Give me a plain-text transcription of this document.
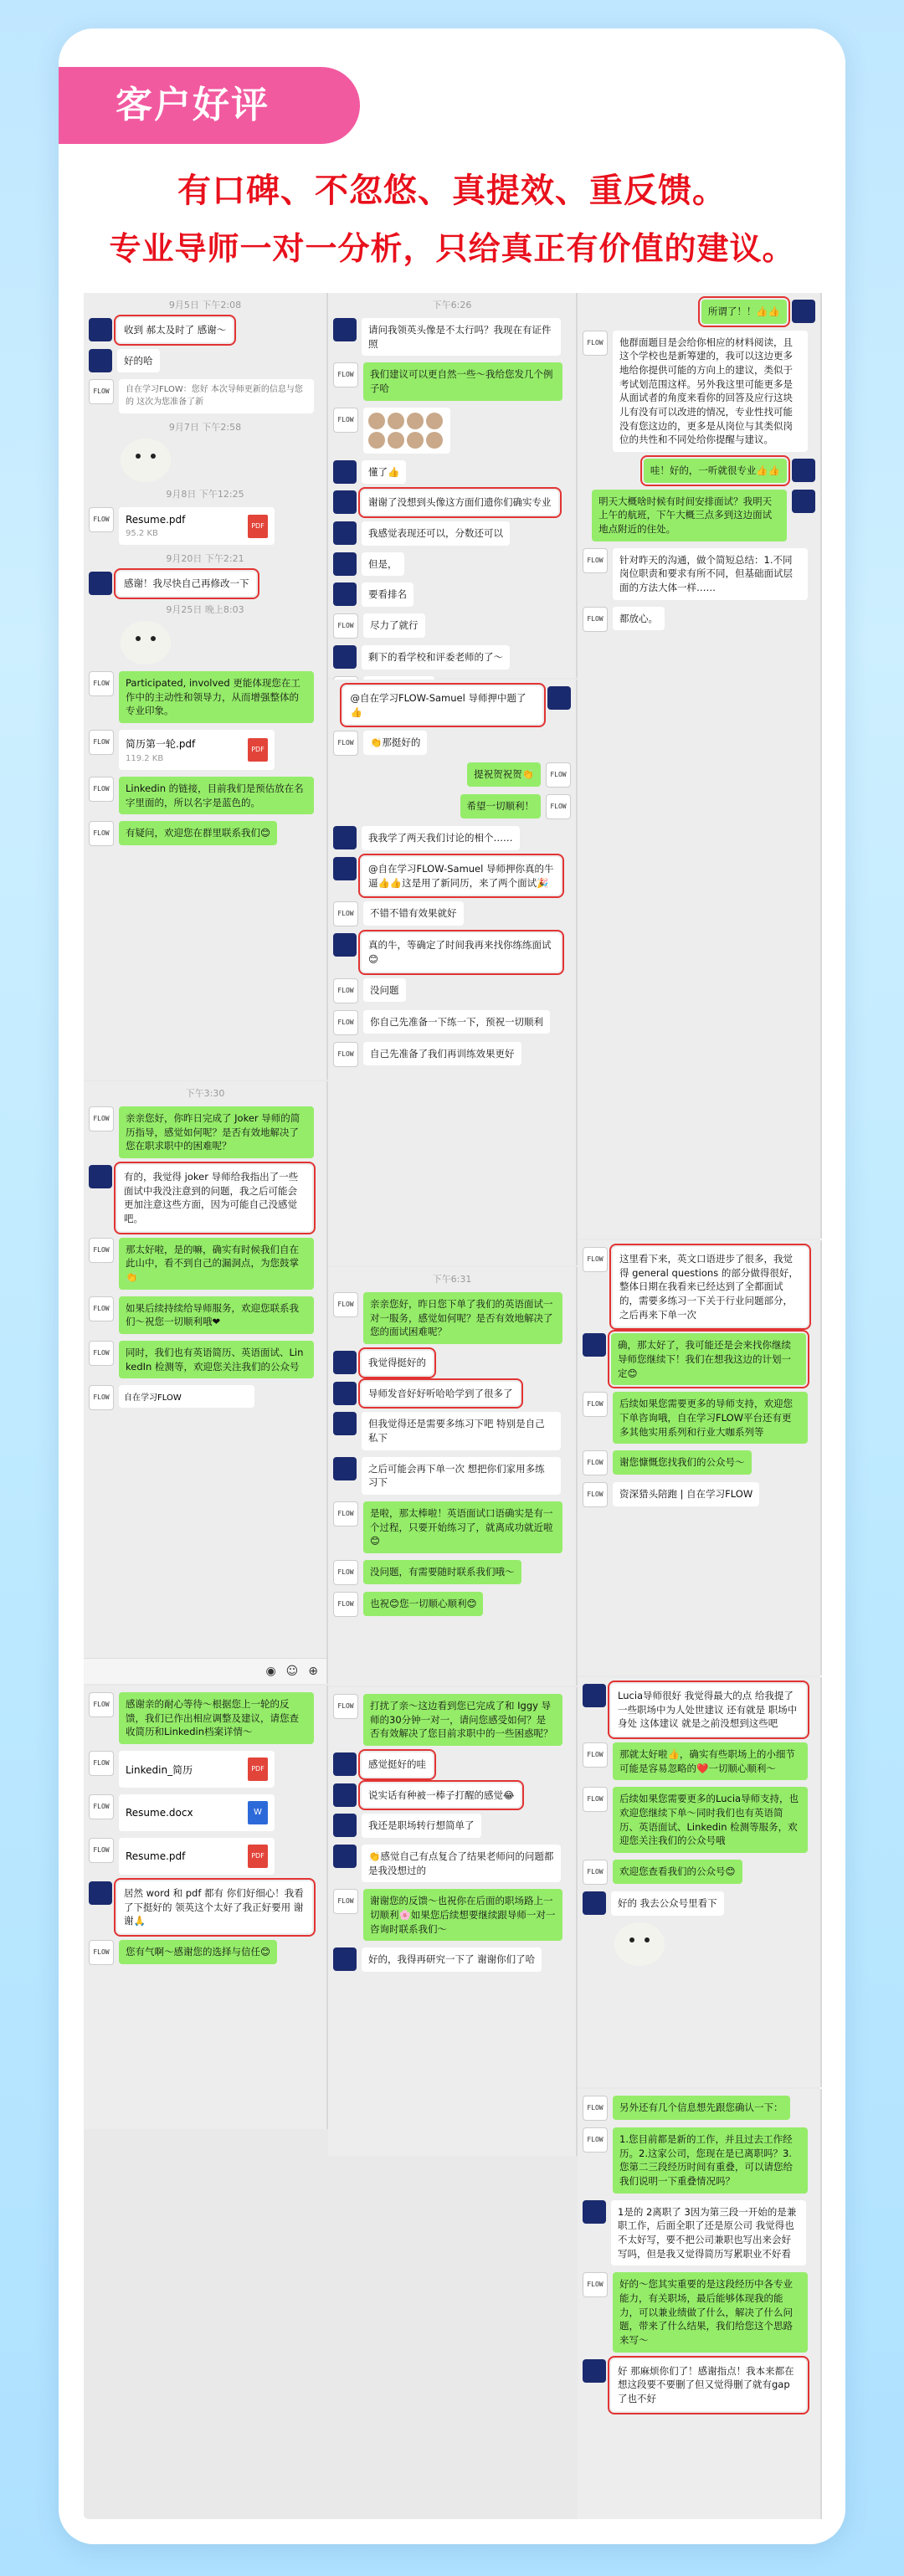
客户好评
有口碑、不忽悠、真提效、重反馈。
专业导师一对一分析，只给真正有价值的建议。
9月5日 下午2:08
收到 郝太及时了 感谢～
好的哈
FLOW	自在学习FLOW：您好 本次导师更新的信息与您的 这次为您准备了新
9月7日 下午2:58
9月8日 下午12:25
FLOW	Resume.pdf
95.2 KB
PDF
9月20日 下午2:21
感谢！我尽快自己再修改一下
9月25日 晚上8:03
FLOW	Participated, involved 更能体现您在工作中的主动性和领导力，从而增强整体的专业印象。
FLOW	简历第一轮.pdf
119.2 KB
PDF
FLOW	Linkedin 的链接，目前我们是预估放在名字里面的，所以名字是蓝色的。
FLOW	有疑问，欢迎您在群里联系我们😊
下午6:26
请问我领英头像是不太行吗？我现在有证件照
FLOW	我们建议可以更自然一些～我给您发几个例子哈
FLOW
懂了👍
谢谢了没想到头像这方面们遗你们确实专业
我感觉表现还可以，分数还可以
但是，
要看排名
FLOW	尽力了就行
剩下的看学校和评委老师的了～
所谓了！！👍👍
FLOW	他群面题目是会给你相应的材料阅读，且这个学校也是新筹建的，我可以这边更多地给你提供可能的方向上的建议，类似于考试划范围这样。另外我这里可能更多是从面试者的角度来看你的回答及应行这块儿有没有可以改进的情况，专业性找可能没有您这边的，更多是从岗位与其类似岗位的共性和不同处给你提醒与建议。
哇！好的，一听就很专业👍👍
明天大概啥时候有时间安排面试？我明天上午的航班，下午大概三点多到这边面试地点附近的住处。
FLOW	针对昨天的沟通，做个简短总结：1.不同岗位职责和要求有所不同，但基础面试层面的方法大体一样……
FLOW	都放心。
@自在学习FLOW-Samuel 导师押中题了👍
FLOW	👏那挺好的
FLOW
提祝贺祝贺👏
FLOW
希望一切顺利！
我我学了两天我们讨论的相个……
@自在学习FLOW-Samuel 导师押你真的牛逼👍👍这是用了新同历，来了两个面试🎉
FLOW	不错不错有效果就好
真的牛，等确定了时间我再来找你练练面试😊
FLOW	没问题
FLOW	你自己先准备一下练一下，预祝一切顺利
FLOW	自己先准备了我们再训练效果更好
FLOW	这里看下来，英文口语进步了很多，我觉得 general questions 的部分做得很好，整体日期在我看来已经达到了全都面试的，需要多练习一下关于行业问题部分，之后再来下单一次
确，那太好了，我可能还是会来找你继续 导师您继续下！我们在想我这边的计划一定😊
FLOW	后续如果您需要更多的导师支持，欢迎您下单咨询哦，自在学习FLOW平台还有更多其他实用系列和行业大咖系列等
FLOW	谢您慷慨您找我们的公众号～
FLOW	资深猎头陪跑 | 自在学习FLOW
下午3:30
FLOW	亲亲您好，你昨日完成了 Joker 导师的简历指导，感觉如何呢？是否有效地解决了您在职求职中的困难呢？
有的，我觉得 joker 导师给我指出了一些面试中我没注意到的问题，我之后可能会更加注意这些方面，因为可能自己没感觉吧。
FLOW	那太好啦，是的嘛，确实有时候我们自在此山中，看不到自己的漏洞点，为您鼓掌👏
FLOW	如果后续持续给导师服务，欢迎您联系我们～祝您一切顺利哦❤
FLOW	同时，我们也有英语简历、英语面试、LinkedIn 检测等，欢迎您关注我们的公众号
FLOW	自在学习FLOW
◉ ☺ ⊕
下午6:31
FLOW	亲亲您好，昨日您下单了我们的英语面试一对一服务，感觉如何呢？是否有效地解决了您的面试困难呢？
我觉得挺好的
导师发音好好听哈哈学到了很多了
但我觉得还是需要多练习下吧 特别是自己私下
之后可能会再下单一次 想把你们家用多练习下
FLOW	是啦，那太棒啦！英语面试口语确实是有一个过程，只要开始练习了，就离成功就近啦😊
FLOW	没问题，有需要随时联系我们哦～
FLOW	也祝😊您一切顺心顺利😊
Lucia导师很好 我觉得最大的点 给我提了一些职场中为人处世建议 还有就是 职场中身处 这体建议 就是之前没想到这些吧
FLOW	那就太好啦👍，确实有些职场上的小细节可能是容易忽略的❤️一切顺心顺利～
FLOW	后续如果您需要更多的Lucia导师支持，也欢迎您继续下单～同时我们也有英语简历、英语面试、Linkedin 检测等服务，欢迎您关注我们的公众号哦
FLOW	欢迎您查看我们的公众号😊
好的 我去公众号里看下
FLOW	感谢亲的耐心等待～根据您上一轮的反馈，我们已作出相应调整及建议，请您查收简历和Linkedin档案详情～
FLOW
Linkedin_简历	PDF
FLOW
Resume.docx	W
FLOW
Resume.pdf	PDF
居然 word 和 pdf 都有 你们好细心！我看了下挺好的 领英这个太好了我正好要用 谢谢🙏
FLOW	您有气啊～感谢您的选择与信任😊
FLOW	打扰了亲～这边看到您已完成了和 Iggy 导师的30分钟一对一，请问您感受如何？是否有效解决了您目前求职中的一些困惑呢？
感觉挺好的哇
说实话有种被一棒子打醒的感觉😂
我还是职场转行想简单了
👏感觉自己有点复合了结果老师问的问题都是我没想过的
FLOW	谢谢您的反馈～也祝你在后面的职场路上一切顺利🌸如果您后续想要继续跟导师一对一咨询时联系我们～
好的，我得再研究一下了 谢谢你们了哈
FLOW	另外还有几个信息想先跟您确认一下：
FLOW	1.您目前都是新的工作，并且过去工作经历。2.这家公司，您现在是已离职吗？3.您第二三段经历时间有重叠，可以请您给我们说明一下重叠情况吗？
1是的 2离职了 3因为第三段一开始的是兼职工作，后面全职了还是原公司 我觉得也不太好写，要不把公司兼职也写出来会好写吗，但是我又觉得简历写累职业不好看
FLOW	好的～您其实重要的是这段经历中各专业能力，有关职场，最后能够体现我的能力，可以兼业绩做了什么，解决了什么问题，带来了什么结果，我们给您这个思路来写～
好 那麻烦你们了！感谢指点！我本来都在想这段要不要删了但又觉得删了就有gap了也不好
